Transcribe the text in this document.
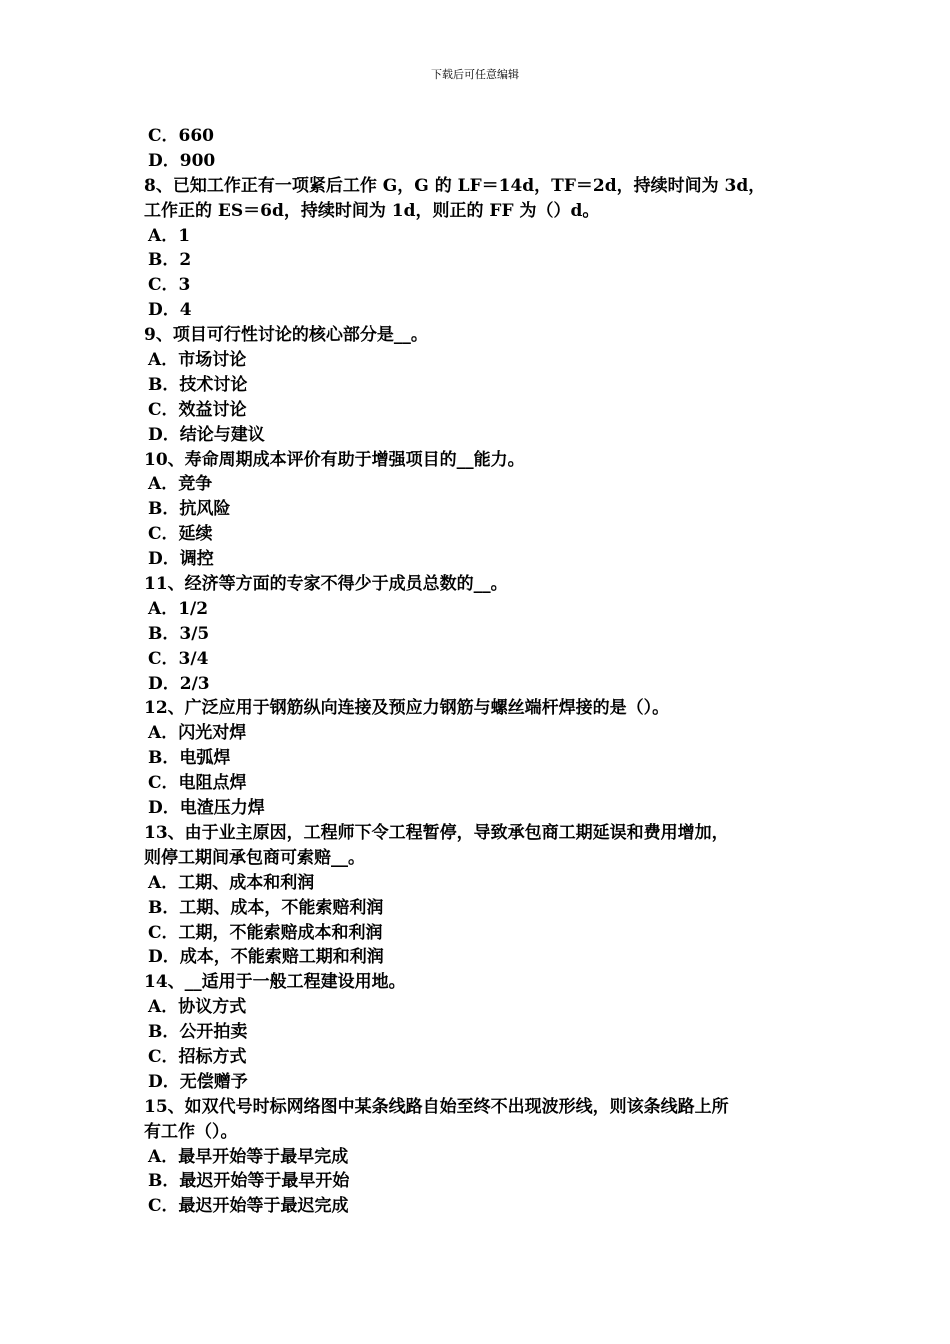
下载后可任意编辑
C．660
D．900
8、已知工作正有一项紧后工作 G，G 的 LF＝14d，TF＝2d，持续时间为 3d，
工作正的 ES＝6d，持续时间为 1d，则正的 FF 为（）d。
A．1
B．2
C．3
D．4
9、项目可行性讨论的核心部分是__。
A．市场讨论
B．技术讨论
C．效益讨论
D．结论与建议
10、寿命周期成本评价有助于增强项目的__能力。
A．竞争
B．抗风险
C．延续
D．调控
11、经济等方面的专家不得少于成员总数的__。
A．1/2
B．3/5
C．3/4
D．2/3
12、广泛应用于钢筋纵向连接及预应力钢筋与螺丝端杆焊接的是（）。
A．闪光对焊
B．电弧焊
C．电阻点焊
D．电渣压力焊
13、由于业主原因，工程师下令工程暂停，导致承包商工期延误和费用增加，
则停工期间承包商可索赔__。
A．工期、成本和利润
B．工期、成本，不能索赔利润
C．工期，不能索赔成本和利润
D．成本，不能索赔工期和利润
14、__适用于一般工程建设用地。
A．协议方式
B．公开拍卖
C．招标方式
D．无偿赠予
15、如双代号时标网络图中某条线路自始至终不出现波形线，则该条线路上所
有工作（）。
A．最早开始等于最早完成
B．最迟开始等于最早开始
C．最迟开始等于最迟完成
